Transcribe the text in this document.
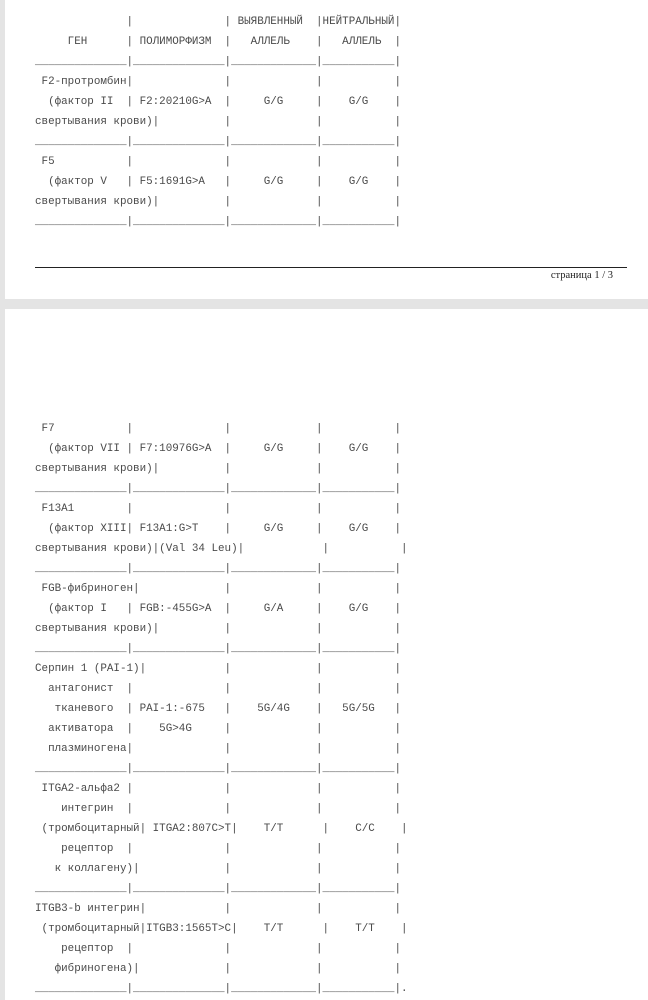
|              | ВЫЯВЛЕННЫЙ  |НЕЙТРАЛЬНЫЙ|
ГЕН      | ПОЛИМОРФИЗМ  |   АЛЛЕЛЬ    |   АЛЛЕЛЬ  |
______________|______________|_____________|___________|
F2-протромбин|              |             |           |
(фактор II  | F2:20210G>A  |     G/G     |    G/G    |
свертывания крови)|          |             |           |
______________|______________|_____________|___________|
F5           |              |             |           |
(фактор V   | F5:1691G>A   |     G/G     |    G/G    |
свертывания крови)|          |             |           |
______________|______________|_____________|___________|
страница 1 / 3
F7           |              |             |           |
(фактор VII | F7:10976G>A  |     G/G     |    G/G    |
свертывания крови)|          |             |           |
______________|______________|_____________|___________|
F13A1        |              |             |           |
(фактор XIII| F13A1:G>T    |     G/G     |    G/G    |
свертывания крови)|(Val 34 Leu)|            |           |
______________|______________|_____________|___________|
FGB-фибриноген|             |             |           |
(фактор I   | FGB:-455G>A  |     G/A     |    G/G    |
свертывания крови)|          |             |           |
______________|______________|_____________|___________|
Серпин 1 (PAI-1)|            |             |           |
антагонист  |              |             |           |
тканевого  | PAI-1:-675   |    5G/4G    |   5G/5G   |
активатора  |    5G>4G     |             |           |
плазминогена|              |             |           |
______________|______________|_____________|___________|
ITGA2-альфа2 |              |             |           |
интегрин  |              |             |           |
(тромбоцитарный| ITGA2:807C>T|    T/T      |    C/C    |
рецептор  |              |             |           |
к коллагену)|             |             |           |
______________|______________|_____________|___________|
ITGB3-b интегрин|            |             |           |
(тромбоцитарный|ITGB3:1565T>C|    T/T      |    T/T    |
рецептор  |              |             |           |
фибриногена)|             |             |           |
______________|______________|_____________|___________|.
